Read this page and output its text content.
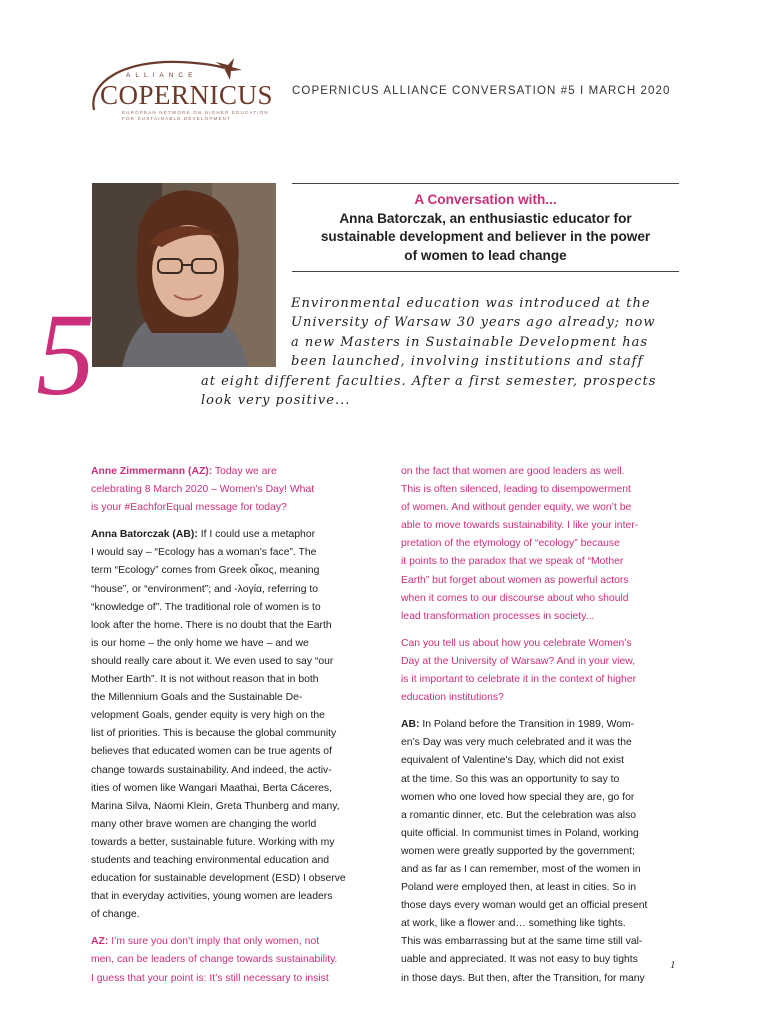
ALLIANCE
COPERNICUS
EUROPEAN NETWORK ON HIGHER EDUCATION
FOR SUSTAINABLE DEVELOPMENT
COPERNICUS ALLIANCE CONVERSATION #5 I MARCH 2020
5
A Conversation with...
Anna Batorczak, an enthusiastic educator for
sustainable development and believer in the power
of women to lead change
Environmental education was introduced at the
University of Warsaw 30 years ago already; now
a new Masters in Sustainable Development has
been launched, involving institutions and staff
at eight different faculties. After a first semester, prospects
look very positive...
Anne Zimmermann (AZ): Today we are
celebrating 8 March 2020 – Women’s Day! What
is your #EachforEqual message for today?
Anna Batorczak (AB): If I could use a metaphor
I would say – “Ecology has a woman’s face”. The
term “Ecology” comes from Greek οἶκος, meaning
“house”, or “environment”; and -λογία, referring to
“knowledge of”. The traditional role of women is to
look after the home. There is no doubt that the Earth
is our home – the only home we have – and we
should really care about it. We even used to say “our
Mother Earth”. It is not without reason that in both
the Millennium Goals and the Sustainable De-
velopment Goals, gender equity is very high on the
list of priorities. This is because the global community
believes that educated women can be true agents of
change towards sustainability. And indeed, the activ-
ities of women like Wangari Maathai, Berta Cáceres,
Marina Silva, Naomi Klein, Greta Thunberg and many,
many other brave women are changing the world
towards a better, sustainable future. Working with my
students and teaching environmental education and
education for sustainable development (ESD) I observe
that in everyday activities, young women are leaders
of change.
AZ: I’m sure you don’t imply that only women, not
men, can be leaders of change towards sustainability.
I guess that your point is: It’s still necessary to insist
on the fact that women are good leaders as well.
This is often silenced, leading to disempowerment
of women. And without gender equity, we won’t be
able to move towards sustainability. I like your inter-
pretation of the etymology of “ecology” because
it points to the paradox that we speak of “Mother
Earth” but forget about women as powerful actors
when it comes to our discourse about who should
lead transformation processes in society...
Can you tell us about how you celebrate Women’s
Day at the University of Warsaw? And in your view,
is it important to celebrate it in the context of higher
education institutions?
AB: In Poland before the Transition in 1989, Wom-
en’s Day was very much celebrated and it was the
equivalent of Valentine’s Day, which did not exist
at the time. So this was an opportunity to say to
women who one loved how special they are, go for
a romantic dinner, etc. But the celebration was also
quite official. In communist times in Poland, working
women were greatly supported by the government;
and as far as I can remember, most of the women in
Poland were employed then, at least in cities. So in
those days every woman would get an official present
at work, like a flower and… something like tights.
This was embarrassing but at the same time still val-
uable and appreciated. It was not easy to buy tights
in those days. But then, after the Transition, for many
1
